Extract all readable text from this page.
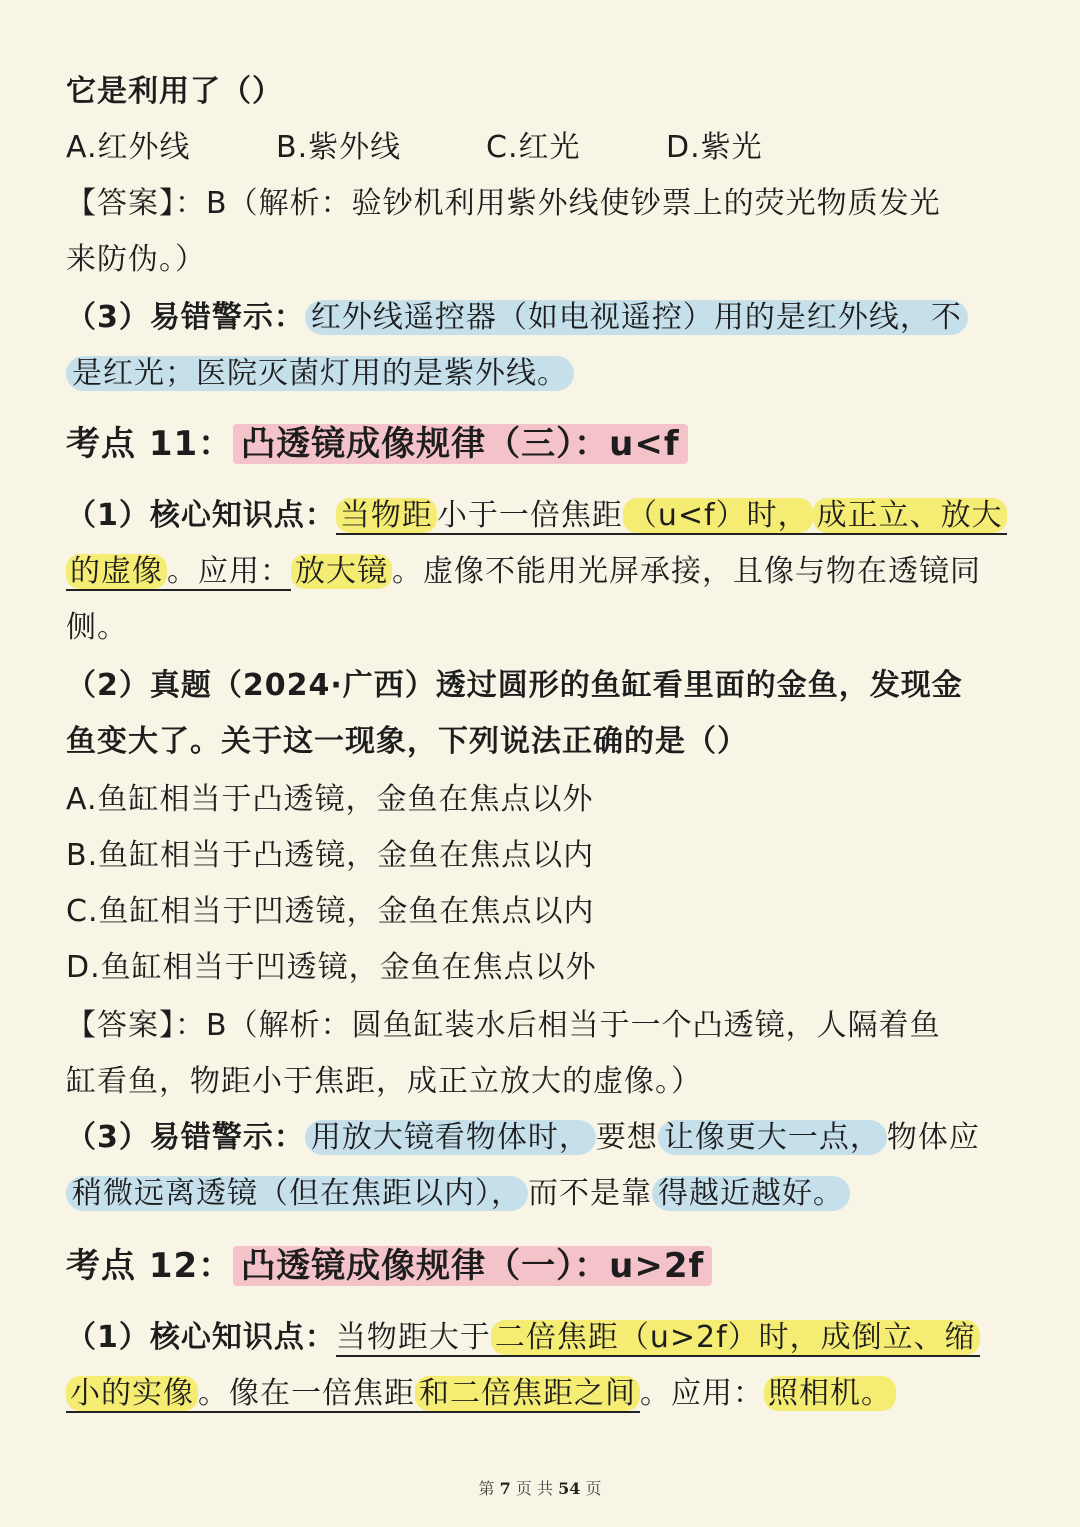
它是利用了（）
A.红外线	B.紫外线	C.红光	D.紫光
【答案】：B（解析：验钞机利用紫外线使钞票上的荧光物质发光
来防伪。）
（3）易错警示： 红外线遥控器（如电视遥控）用的是红外线，不
是红光；医院灭菌灯用的是紫外线。
考点 11： 凸透镜成像规律（三）：u<f
（1）核心知识点： 当物距 小于一倍焦距 （u<f）时， 成正立、放大
的虚像 。应用： 放大镜 。虚像不能用光屏承接，且像与物在透镜同
侧。
（2）真题（2024·广西）透过圆形的鱼缸看里面的金鱼，发现金
鱼变大了。关于这一现象，下列说法正确的是（）
A.鱼缸相当于凸透镜，金鱼在焦点以外
B.鱼缸相当于凸透镜，金鱼在焦点以内
C.鱼缸相当于凹透镜，金鱼在焦点以内
D.鱼缸相当于凹透镜，金鱼在焦点以外
【答案】：B（解析：圆鱼缸装水后相当于一个凸透镜，人隔着鱼
缸看鱼，物距小于焦距，成正立放大的虚像。）
（3）易错警示： 用放大镜看物体时， 要想 让像更大一点， 物体应
稍微远离透镜（但在焦距以内）， 而不是靠 得越近越好。
考点 12： 凸透镜成像规律（一）：u>2f
（1）核心知识点：当物距大于 二倍焦距（u>2f）时，成倒立、缩
小的实像 。像在一倍焦距 和二倍焦距之间 。应用： 照相机。
第 7 页 共 54 页
